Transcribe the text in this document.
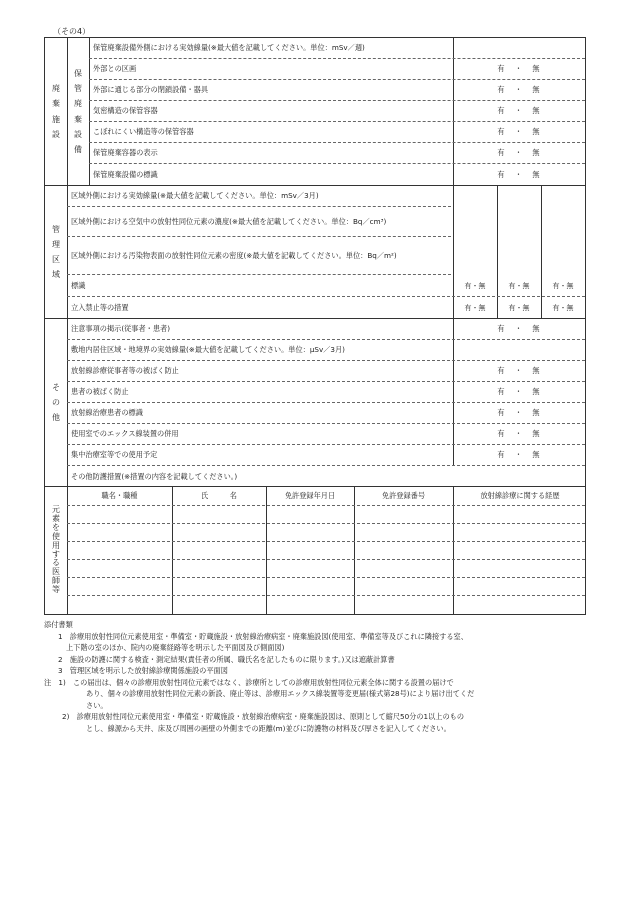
（その4）
廃
棄
施
設
保
管
廃
棄
設
備
保管廃棄設備外側における実効線量(※最大値を記載してください。単位：mSv／週)
外部との区画	有 ・ 無
外部に通じる部分の閉鎖設備・器具	有 ・ 無
気密構造の保管容器	有 ・ 無
こぼれにくい構造等の保管容器	有 ・ 無
保管廃棄容器の表示	有 ・ 無
保管廃棄設備の標識	有 ・ 無
管
理
区
域
区域外側における実効線量(※最大値を記載してください。単位：mSv／3月)
区域外側における空気中の放射性同位元素の濃度(※最大値を記載してください。単位：Bq／cm³)
区域外側における汚染物表面の放射性同位元素の密度(※最大値を記載してください。単位：Bq／m²)
標識	有・無	有・無	有・無
立入禁止等の措置	有・無	有・無	有・無
そ
の
他
注意事項の掲示(従事者・患者)	有 ・ 無
敷地内居住区域・地境界の実効線量(※最大値を記載してください。単位：μSv／3月)
放射線診療従事者等の被ばく防止	有 ・ 無
患者の被ばく防止	有 ・ 無
放射線治療患者の標識	有 ・ 無
使用室でのエックス線装置の併用	有 ・ 無
集中治療室等での使用予定	有 ・ 無
その他防護措置(※措置の内容を記載してください。)
元
素
を
使
用
す
る
医
師
等
職名・職種	氏　　　名	免許登録年月日	免許登録番号	放射線診療に関する経歴
添付書類
1　診療用放射性同位元素使用室・準備室・貯蔵施設・放射線治療病室・廃棄施設図(使用室、準備室等及びこれに隣接する室、
上下階の室のほか、院内の廃棄経路等を明示した平面図及び側面図)
2　施設の防護に関する検査・測定結果(責任者の所属、職氏名を記したものに限ります。)又は遮蔽計算書
3　管理区域を明示した放射線診療関係施設の平面図
注　1)　この届出は、個々の診療用放射性同位元素ではなく、診療所としての診療用放射性同位元素全体に関する設置の届けで
あり、個々の診療用放射性同位元素の新設、廃止等は、診療用エックス線装置等変更届(様式第28号)により届け出てくだ
さい。
2)　診療用放射性同位元素使用室・準備室・貯蔵施設・放射線治療病室・廃棄施設図は、原則として縮尺50分の1以上のもの
とし、線源から天井、床及び周囲の画壁の外側までの距離(m)並びに防護物の材料及び厚さを記入してください。
